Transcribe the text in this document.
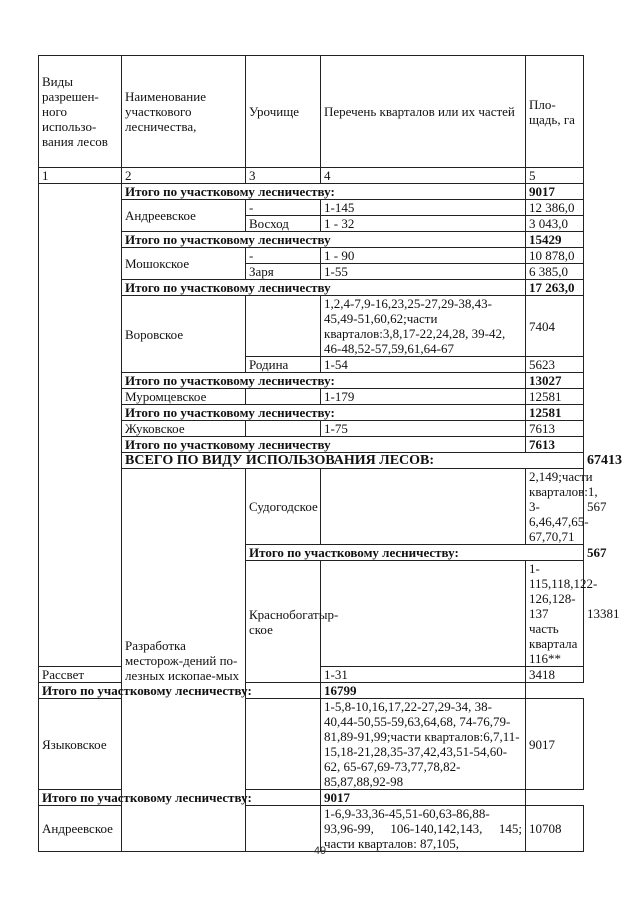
Виды разрешен-ного использо-вания лесов	Наименование участкового лесничества,	Урочище	Перечень кварталов или их частей	Пло-щадь, га	
1	2	3	4	5	
	Итого по участковому лесничеству:			9017	
	Андреевское	-	1-145	12 386,0	
		Восход	1 - 32	3 043,0	
	Итого по участковому лесничеству			15429	
	Мошокское	-	1 - 90	10 878,0	
		Заря	1-55	6 385,0	
	Итого по участковому лесничеству			17 263,0	
	Воровское		1,2,4-7,9-16,23,25-27,29-38,43-45,49-51,60,62;части кварталов:3,8,17-22,24,28, 39-42, 46-48,52-57,59,61,64-67	7404	
		Родина	1-54	5623	
	Итого по участковому лесничеству:			13027	
	Муромцевское		1-179	12581	
	Итого по участковому лесничеству:			12581	
	Жуковское		1-75	7613	
	Итого по участковому лесничеству			7613	
	ВСЕГО ПО ВИДУ ИСПОЛЬЗОВАНИЯ ЛЕСОВ:				67413
	Разработка месторож-дений по-лезных ископае-мых	Судогодское		2,149;части кварталов:1, 3-6,46,47,65-67,70,71	567
		Итого по участковому лесничеству:			567
		Краснобогатыр-ское		1-115,118,122-126,128-137 часть квартала 116**	13381
Рассвет			1-31	3418	
Итого по участковому лесничеству:			16799		
Языковское			1-5,8-10,16,17,22-27,29-34, 38-40,44-50,55-59,63,64,68, 74-76,79-81,89-91,99;части кварталов:6,7,11-15,18-21,28,35-37,42,43,51-54,60-62, 65-67,69-73,77,78,82-85,87,88,92-98	9017	
Итого по участковому лесничеству:			9017		
Андреевское			1-6,9-33,36-45,51-60,63-86,88-93,96-99, 106-140,142,143, 145; части кварталов: 87,105,	10708	
49
